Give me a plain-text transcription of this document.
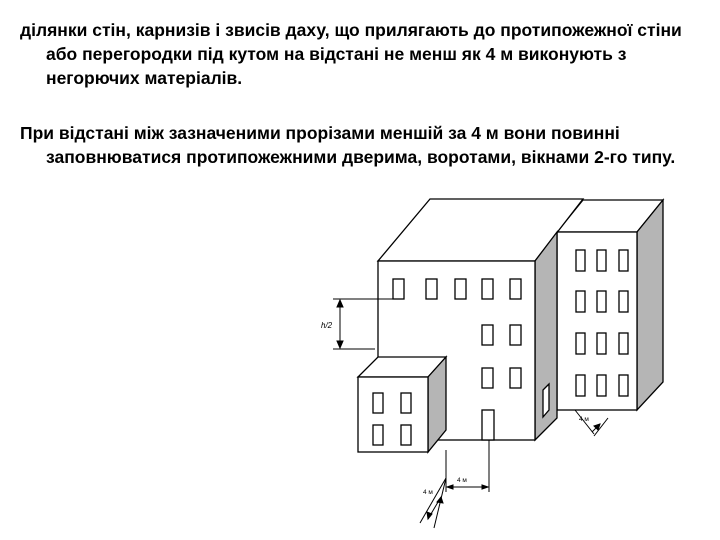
ділянки стін, карнизів і звисів даху, що прилягають до протипожежної стіни або перегородки під кутом на відстані не менш як 4 м виконують з негорючих матеріалів.

При відстані між зазначеними прорізами меншій за 4 м вони повинні заповнюватися протипожежними дверима, воротами, вікнами 2-го типу.

h/2
4 м
4 м
4 м
